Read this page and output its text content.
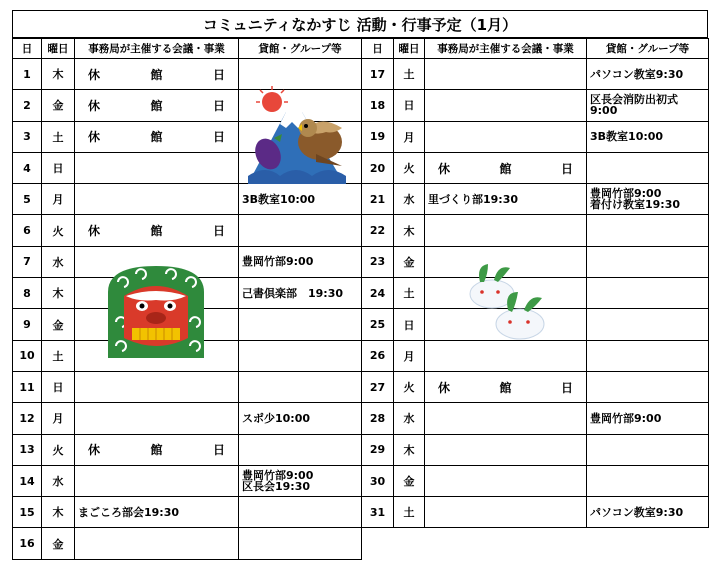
コミュニティなかすじ 活動・行事予定（1月）
日	曜日	事務局が主催する会議・事業	貸館・グループ等
1	木	休 館 日	

2	金	休 館 日	

3	土	休 館 日	

4	日		
5	月		3B教室10:00
6	火	休 館 日	

7	水		豊岡竹部9:00
8	木		己書倶楽部　19:30
9	金		
10	土		
11	日		
12	月		スポ少10:00
13	火	休 館 日	

14	水		豊岡竹部9:00
区長会19:30

15	木	まごころ部会19:30	
16	金		
日	曜日	事務局が主催する会議・事業	貸館・グループ等
17	土		パソコン教室9:30
18	日		区長会消防出初式
9:00

19	月		3B教室10:00
20	火	休 館 日	

21	水	里づくり部19:30	豊岡竹部9:00
着付け教室19:30

22	木		
23	金		
24	土		
25	日		
26	月		
27	火	休 館 日	

28	水		豊岡竹部9:00
29	木		
30	金		
31	土		パソコン教室9:30
